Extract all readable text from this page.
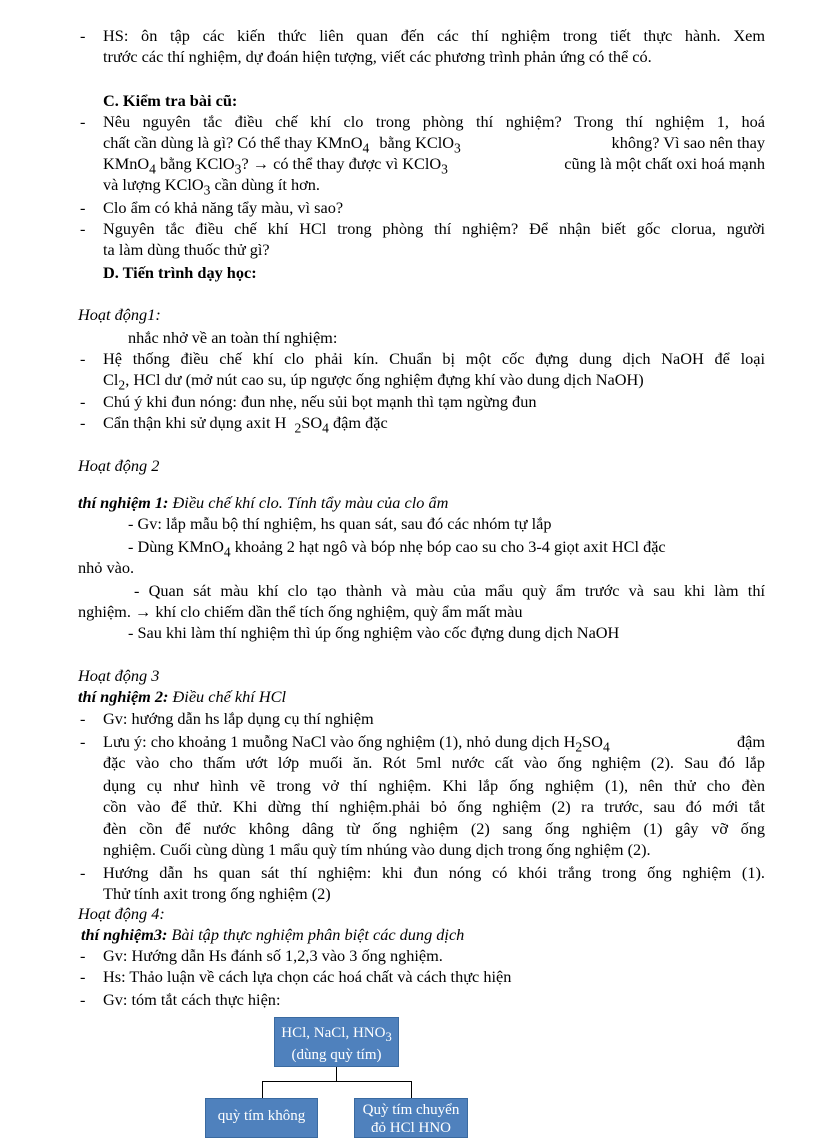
- HS: ôn tập các kiến thức liên quan đến các thí nghiệm trong tiết thực hành. Xem
trước các thí nghiệm, dự đoán hiện tượng, viết các phương trình phản ứng có thể có.
C. Kiểm tra bài cũ:
- Nêu nguyên tắc điều chế khí clo trong phòng thí nghiệm? Trong thí nghiệm 1, hoá
chất cần dùng là gì? Có thể thay KMnO$_4$ bằng KClO$_3$	không? Vì sao nên thay
KMnO$_4$ bằng KClO$_3$? → có thể thay được vì KClO$_3$	cũng là một chất oxi hoá mạnh
và lượng KClO$_3$ cần dùng ít hơn.
- Clo ẩm có khả năng tẩy màu, vì sao?
- Nguyên tắc điều chế khí HCl trong phòng thí nghiệm? Để nhận biết gốc clorua, người
ta làm dùng thuốc thử gì?
D. Tiến trình dạy học:
Hoạt động1:
nhắc nhở về an toàn thí nghiệm:
- Hệ thống điều chế khí clo phải kín. Chuẩn bị một cốc đựng dung dịch NaOH để loại
$Cl_2$, HCl dư (mở nút cao su, úp ngược ống nghiệm đựng khí vào dung dịch NaOH)
- Chú ý khi đun nóng: đun nhẹ, nếu sủi bọt mạnh thì tạm ngừng đun
- Cẩn thận khi sử dụng axit H $_2SO_4$ đậm đặc
Hoạt động 2
thí nghiệm 1: Điều chế khí clo. Tính tẩy màu của clo ẩm
- Gv: lắp mẫu bộ thí nghiệm, hs quan sát, sau đó các nhóm tự lắp
- Dùng KMnO$_4$ khoảng 2 hạt ngô và bóp nhẹ bóp cao su cho 3-4 giọt axit HCl đặc
nhỏ vào.
- Quan sát màu khí clo tạo thành và màu của mẩu quỳ ẩm trước và sau khi làm thí
nghiệm. → khí clo chiếm dần thể tích ống nghiệm, quỳ ẩm mất màu
- Sau khi làm thí nghiệm thì úp ống nghiệm vào cốc đựng dung dịch NaOH
Hoạt động 3
thí nghiệm 2: Điều chế khí HCl
- Gv: hướng dẫn hs lắp dụng cụ thí nghiệm
- Lưu ý: cho khoảng 1 muỗng NaCl vào ống nghiệm (1), nhỏ dung dịch $H_2SO_4$	đậm
đặc vào cho thấm ướt lớp muối ăn. Rót 5ml nước cất vào ống nghiệm (2). Sau đó lắp
dụng cụ như hình vẽ trong vở thí nghiệm. Khi lắp ống nghiệm (1), nên thử cho đèn
cồn vào để thử. Khi dừng thí nghiệm.phải bỏ ống nghiệm (2) ra trước, sau đó mới tắt
đèn cồn để nước không dâng từ ống nghiệm (2) sang ống nghiệm (1) gây vỡ ống
nghiệm. Cuối cùng dùng 1 mẩu quỳ tím nhúng vào dung dịch trong ống nghiệm (2).
- Hướng dẫn hs quan sát thí nghiệm: khi đun nóng có khói trắng trong ống nghiệm (1).
Thử tính axit trong ống nghiệm (2)
Hoạt động 4:
thí nghiệm3: Bài tập thực nghiệm phân biệt các dung dịch
- Gv: Hướng dẫn Hs đánh số 1,2,3 vào 3 ống nghiệm.
- Hs: Thảo luận về cách lựa chọn các hoá chất và cách thực hiện
- Gv: tóm tắt cách thực hiện:
HCl, NaCl, $HNO_3$
(dùng quỳ tím)
quỳ tím không	Quỳ tím chuyển
đỏ HCl HNO
